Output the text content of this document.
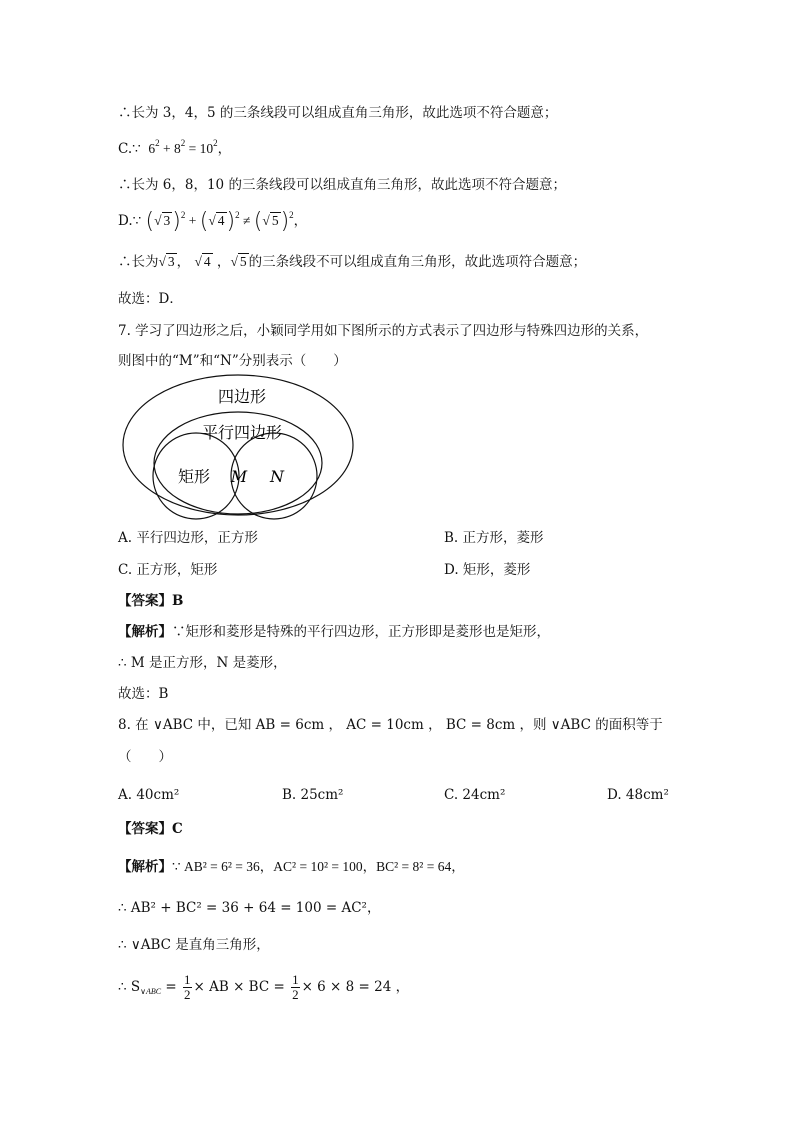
∴长为 3，4，5 的三条线段可以组成直角三角形，故此选项不符合题意；
C.∵  $6^2 + 8^2 = 10^2$，
∴长为 6，8，10 的三条线段可以组成直角三角形，故此选项不符合题意；
D.∵ (√ 3)$^2$ + (√ 4)$^2$ ≠ (√ 5)$^2$，
∴长为√ 3 ， √ 4 ，√ 5 的三条线段不可以组成直角三角形，故此选项符合题意；
故选：D．
7. 学习了四边形之后，小颖同学用如下图所示的方式表示了四边形与特殊四边形的关系，
则图中的“M”和“N”分别表示（　　）
四边形
平行四边形
矩形 M N
A. 平行四边形，正方形	B. 正方形，菱形
C. 正方形，矩形	D. 矩形，菱形
【答案】B
【解析】∵矩形和菱形是特殊的平行四边形，正方形即是菱形也是矩形，
∴ M 是正方形，N 是菱形，
故选：B
8. 在 ∨ABC 中，已知 AB = 6cm ， AC = 10cm ， BC = 8cm ，则 ∨ABC 的面积等于
（　　）
A. 40cm²	B. 25cm²	C. 24cm²	D. 48cm²
【答案】C
【解析】∵ AB² = 6² = 36，AC² = 10² = 100，BC² = 8² = 64，
∴ AB² + BC² = 36 + 64 = 100 = AC²，
∴ ∨ABC 是直角三角形，
∴ $S_{\vee ABC} = \frac{1}{2}$ × AB × BC = $\frac{1}{2} \times 6 \times 8 = 24$ ，
